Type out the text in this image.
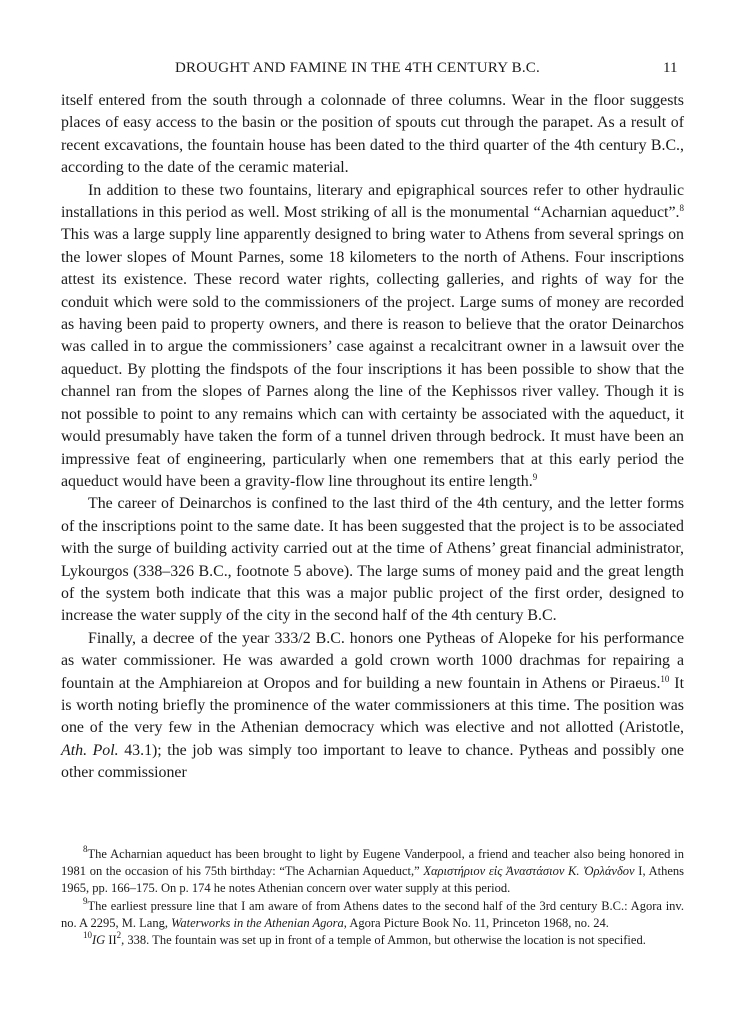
DROUGHT AND FAMINE IN THE 4TH CENTURY B.C.	11

itself entered from the south through a colonnade of three columns. Wear in the floor suggests places of easy access to the basin or the position of spouts cut through the parapet. As a result of recent excavations, the fountain house has been dated to the third quarter of the 4th century B.C., according to the date of the ceramic material.

In addition to these two fountains, literary and epigraphical sources refer to other hydraulic installations in this period as well. Most striking of all is the monumental “Acharnian aqueduct”.$^8$ This was a large supply line apparently designed to bring water to Athens from several springs on the lower slopes of Mount Parnes, some 18 kilometers to the north of Athens. Four inscriptions attest its existence. These record water rights, collecting galleries, and rights of way for the conduit which were sold to the commissioners of the project. Large sums of money are recorded as having been paid to property owners, and there is reason to believe that the orator Deinarchos was called in to argue the commissioners’ case against a recalcitrant owner in a lawsuit over the aqueduct. By plotting the findspots of the four inscriptions it has been possible to show that the channel ran from the slopes of Parnes along the line of the Kephissos river valley. Though it is not possible to point to any remains which can with certainty be associated with the aqueduct, it would presumably have taken the form of a tunnel driven through bedrock. It must have been an impressive feat of engineering, particularly when one remembers that at this early period the aqueduct would have been a gravity-flow line throughout its entire length.$^9$

The career of Deinarchos is confined to the last third of the 4th century, and the letter forms of the inscriptions point to the same date. It has been suggested that the project is to be associated with the surge of building activity carried out at the time of Athens’ great financial administrator, Lykourgos (338–326 B.C., footnote 5 above). The large sums of money paid and the great length of the system both indicate that this was a major public project of the first order, designed to increase the water supply of the city in the second half of the 4th century B.C.

Finally, a decree of the year 333/2 B.C. honors one Pytheas of Alopeke for his performance as water commissioner. He was awarded a gold crown worth 1000 drachmas for repairing a fountain at the Amphiareion at Oropos and for building a new fountain in Athens or Piraeus.$^{10}$ It is worth noting briefly the prominence of the water commissioners at this time. The position was one of the very few in the Athenian democracy which was elective and not allotted (Aristotle, Ath. Pol. 43.1); the job was simply too important to leave to chance. Pytheas and possibly one other commissioner

$^8$The Acharnian aqueduct has been brought to light by Eugene Vanderpool, a friend and teacher also being honored in 1981 on the occasion of his 75th birthday: “The Acharnian Aqueduct,” Χαριστήριον εἰς Ἀναστάσιον Κ. Ὀρλάνδον I, Athens 1965, pp. 166–175. On p. 174 he notes Athenian concern over water supply at this period.

$^9$The earliest pressure line that I am aware of from Athens dates to the second half of the 3rd century B.C.: Agora inv. no. A 2295, M. Lang, Waterworks in the Athenian Agora, Agora Picture Book No. 11, Princeton 1968, no. 24.

$^{10}$IG $II^2$, 338. The fountain was set up in front of a temple of Ammon, but otherwise the location is not specified.
